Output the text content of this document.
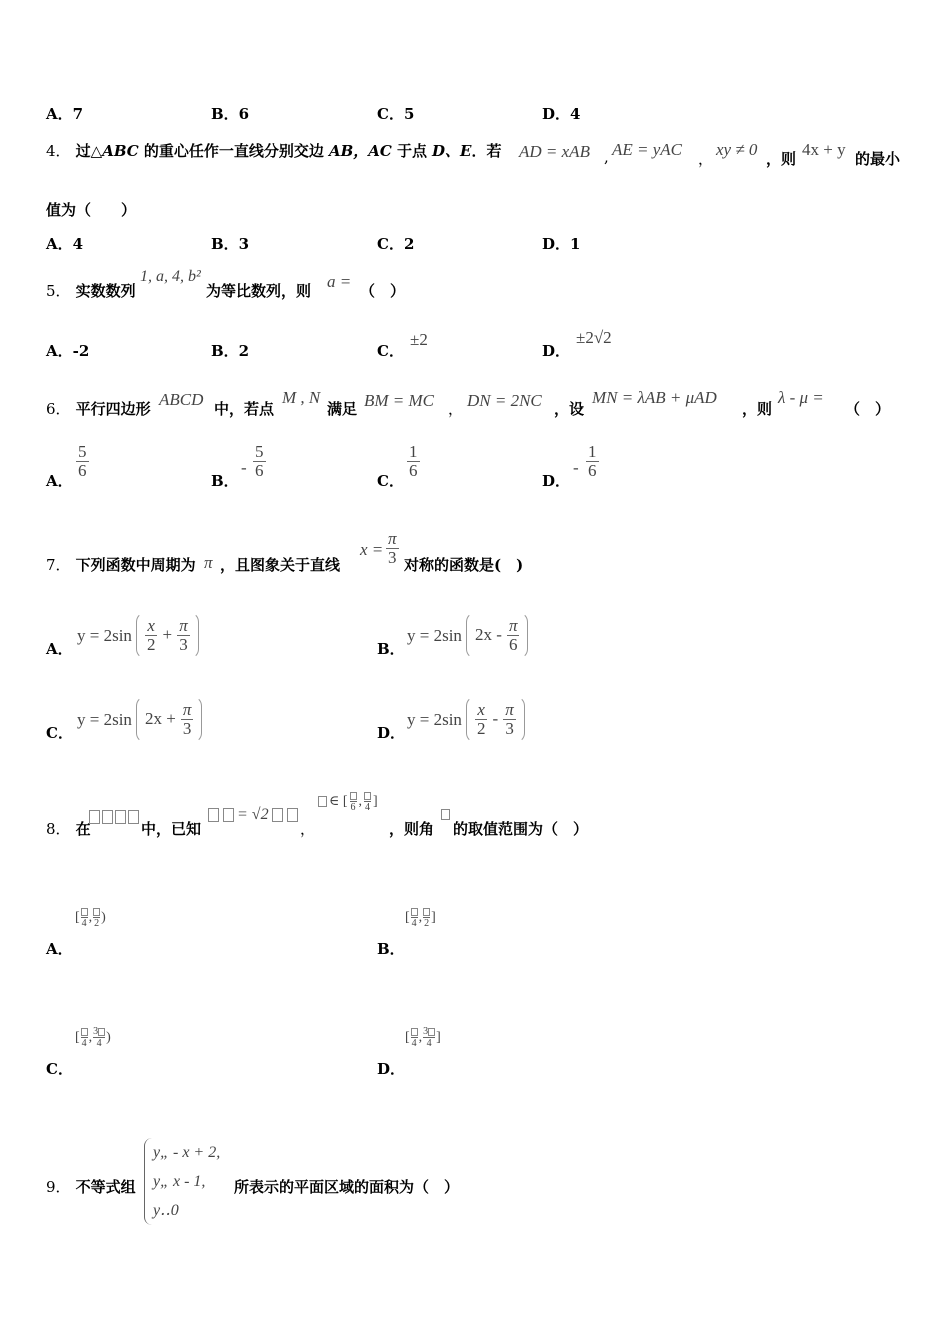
A．7	B．6	C．5	D．4
4． 过△ABC 的重心任作一直线分别交边 AB，AC 于点 D、E．若 AD = xAB , AE = yAC ， xy ≠ 0 ，则 4x + y 的最小
值为（　　）
A．4	B．3	C．2	D．1
5． 实数数列
1, a, 4, b²
为等比数列，则 a = （　）
A．-2	B．2	C．
±2
D．
±2√2
6． 平行四边形 ABCD 中，若点
M , N
满足 BM = MC ， DN = 2NC ，设
MN = λAB + μAD
，则
λ - μ =
（　）
A．
$\frac{5}{6}$
B．
- $\frac{5}{6}$
C．
$\frac{1}{6}$
D．
- $\frac{1}{6}$
7． 下列函数中周期为 π ，且图象关于直线
$x = \frac{\pi}{3}$ 对称的函数是(　)
A．
$y = 2\sin \frac{x}{2} + \frac{\pi}{3}$	B．
y = 2sin $2x - \frac{\pi}{6}$
C．
y = 2sin $2x + \frac{\pi}{3}$	D．
$y = 2\sin \frac{x}{2} - \frac{\pi}{3}$
8． 在	中，已知
= √2
，
∈ [ 6 , 4 ]
，则角 的取值范围为（　）
A．
[ 4 , 2 )
B．
[ 4 , 2 ]
C．
[ 4 , 3
4 )
D．
[ 4 , 3
4 ]
9． 不等式组
y„ - x + 2,
y„ x - 1,
y‥0
所表示的平面区域的面积为（　）
